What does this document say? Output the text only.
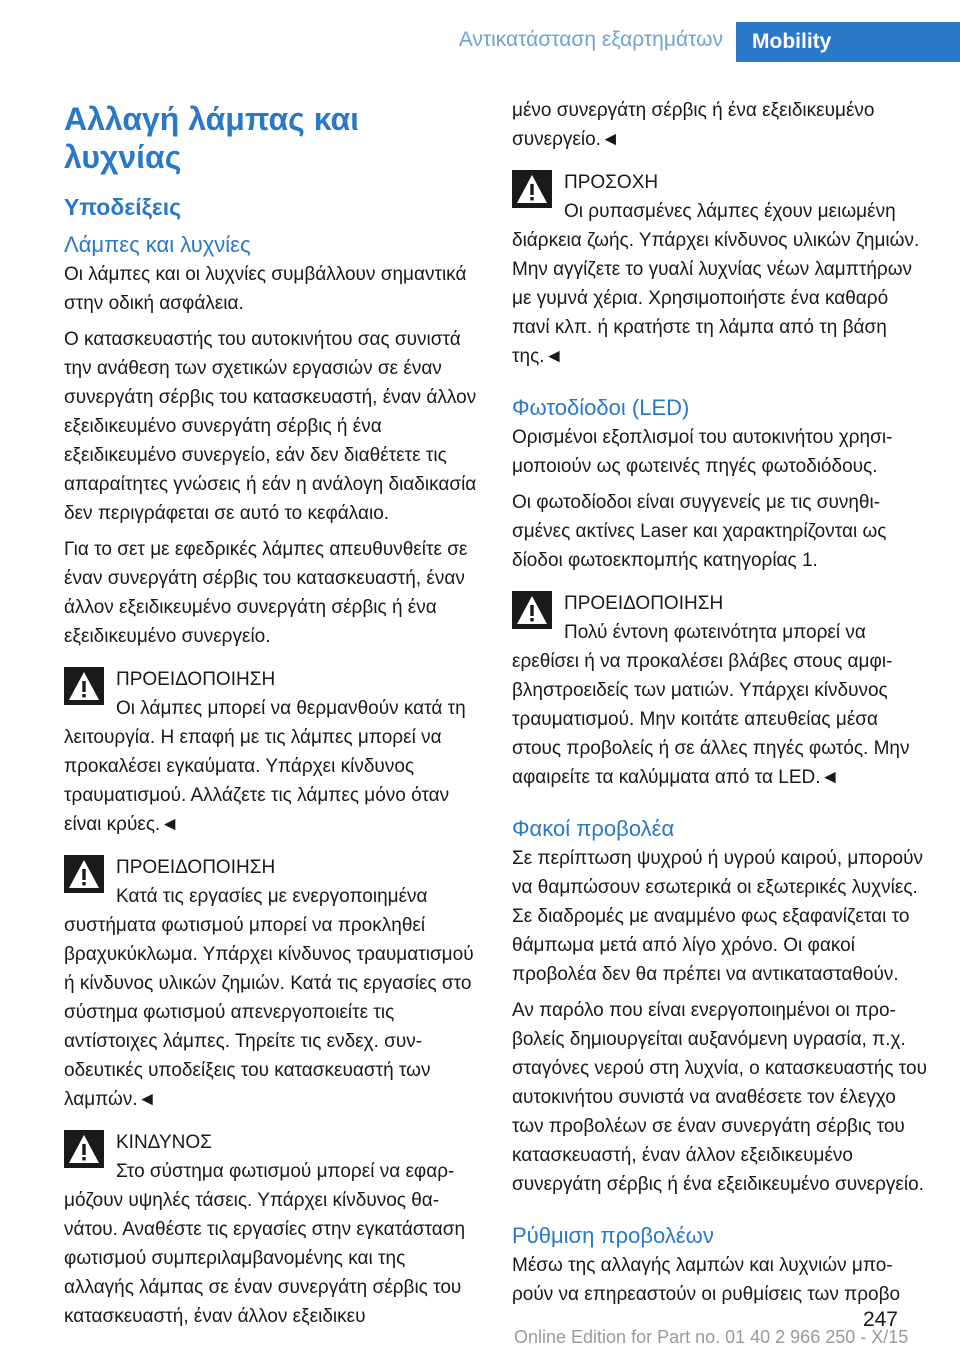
Αντικατάσταση εξαρτημάτων	Mobility
Αλλαγή λάμπας και λυχνίας
Υποδείξεις
Λάμπες και λυχνίες

Οι λάμπες και οι λυχνίες συμβάλλουν σημαντικά στην οδική ασφάλεια.

Ο κατασκευαστής του αυτοκινήτου σας συνιστά την ανάθεση των σχετικών εργασιών σε έναν συνεργάτη σέρβις του κατασκευαστή, έναν άλλον εξειδικευμένο συνεργάτη σέρβις ή ένα εξειδικευμένο συνεργείο, εάν δεν διαθέτετε τις απαραίτητες γνώσεις ή εάν η ανάλογη διαδικασία δεν περιγράφεται σε αυτό το κεφάλαιο.

Για το σετ με εφεδρικές λάμπες απευθυνθείτε σε έναν συνεργάτη σέρβις του κατασκευαστή, έναν άλλον εξειδικευμένο συνεργάτη σέρβις ή ένα εξειδικευμένο συνεργείο.

ΠΡΟΕΙΔΟΠΟΙΗΣΗ
Οι λάμπες μπορεί να θερμανθούν κατά τη λειτουργία. Η επαφή με τις λάμπες μπορεί να προκαλέσει εγκαύματα. Υπάρχει κίνδυνος τραυματισμού. Αλλάζετε τις λάμπες μόνο όταν είναι κρύες.◄
ΠΡΟΕΙΔΟΠΟΙΗΣΗ
Κατά τις εργασίες με ενεργοποιημένα συστήματα φωτισμού μπορεί να προκληθεί βραχυκύκλωμα. Υπάρχει κίνδυνος τραυματισμού ή κίνδυνος υλικών ζημιών. Κατά τις εργασίες στο σύστημα φωτισμού απενεργοποιείτε τις αντίστοιχες λάμπες. Τηρείτε τις ενδεχ. συνοδευτικές υποδείξεις του κατασκευαστή των λαμπών.◄
ΚΙΝΔΥΝΟΣ
Στο σύστημα φωτισμού μπορεί να εφαρμόζουν υψηλές τάσεις. Υπάρχει κίνδυνος θανάτου. Αναθέστε τις εργασίες στην εγκατάσταση φωτισμού συμπεριλαμβανομένης και της αλλαγής λάμπας σε έναν συνεργάτη σέρβις του κατασκευαστή, έναν άλλον εξειδικευ

μένο συνεργάτη σέρβις ή ένα εξειδικευμένο συνεργείο.◄

ΠΡΟΣΟΧΗ
Οι ρυπασμένες λάμπες έχουν μειωμένη διάρκεια ζωής. Υπάρχει κίνδυνος υλικών ζημιών. Μην αγγίζετε το γυαλί λυχνίας νέων λαμπτήρων με γυμνά χέρια. Χρησιμοποιήστε ένα καθαρό πανί κλπ. ή κρατήστε τη λάμπα από τη βάση της.◄
Φωτοδίοδοι (LED)

Ορισμένοι εξοπλισμοί του αυτοκινήτου χρησιμοποιούν ως φωτεινές πηγές φωτοδιόδους.

Οι φωτοδίοδοι είναι συγγενείς με τις συνηθισμένες ακτίνες Laser και χαρακτηρίζονται ως δίοδοι φωτοεκπομπής κατηγορίας 1.

ΠΡΟΕΙΔΟΠΟΙΗΣΗ
Πολύ έντονη φωτεινότητα μπορεί να ερεθίσει ή να προκαλέσει βλάβες στους αμφιβληστροειδείς των ματιών. Υπάρχει κίνδυνος τραυματισμού. Μην κοιτάτε απευθείας μέσα στους προβολείς ή σε άλλες πηγές φωτός. Μην αφαιρείτε τα καλύμματα από τα LED.◄
Φακοί προβολέα

Σε περίπτωση ψυχρού ή υγρού καιρού, μπορούν να θαμπώσουν εσωτερικά οι εξωτερικές λυχνίες. Σε διαδρομές με αναμμένο φως εξαφανίζεται το θάμπωμα μετά από λίγο χρόνο. Οι φακοί προβολέα δεν θα πρέπει να αντικατασταθούν.

Αν παρόλο που είναι ενεργοποιημένοι οι προβολείς δημιουργείται αυξανόμενη υγρασία, π.χ. σταγόνες νερού στη λυχνία, ο κατασκευαστής του αυτοκινήτου συνιστά να αναθέσετε τον έλεγχο των προβολέων σε έναν συνεργάτη σέρβις του κατασκευαστή, έναν άλλον εξειδικευμένο συνεργάτη σέρβις ή ένα εξειδικευμένο συνεργείο.

Ρύθμιση προβολέων

Μέσω της αλλαγής λαμπών και λυχνιών μπορούν να επηρεαστούν οι ρυθμίσεις των προβο

247
Online Edition for Part no. 01 40 2 966 250 - X/15
